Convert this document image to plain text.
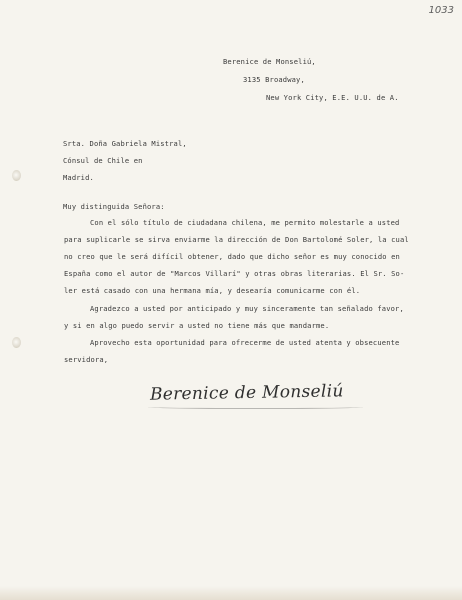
1033
Berenice de Monseliú,
3135 Broadway,
New York City, E.E. U.U. de A.
Srta. Doña Gabriela Mistral,
Cónsul de Chile en
Madrid.
Muy distinguida Señora:
Con el sólo título de ciudadana chilena, me permito molestarle a usted
para suplicarle se sirva enviarme la dirección de Don Bartolomé Soler, la cual
no creo que le será difícil obtener, dado que dicho señor es muy conocido en
España como el autor de "Marcos Villarí" y otras obras literarias. El Sr. So-
ler está casado con una hermana mía, y desearía comunicarme con él.
Agradezco a usted por anticipado y muy sinceramente tan señalado favor,
y si en algo puedo servir a usted no tiene más que mandarme.
Aprovecho esta oportunidad para ofrecerme de usted atenta y obsecuente
servidora,
Berenice de Monseliú
